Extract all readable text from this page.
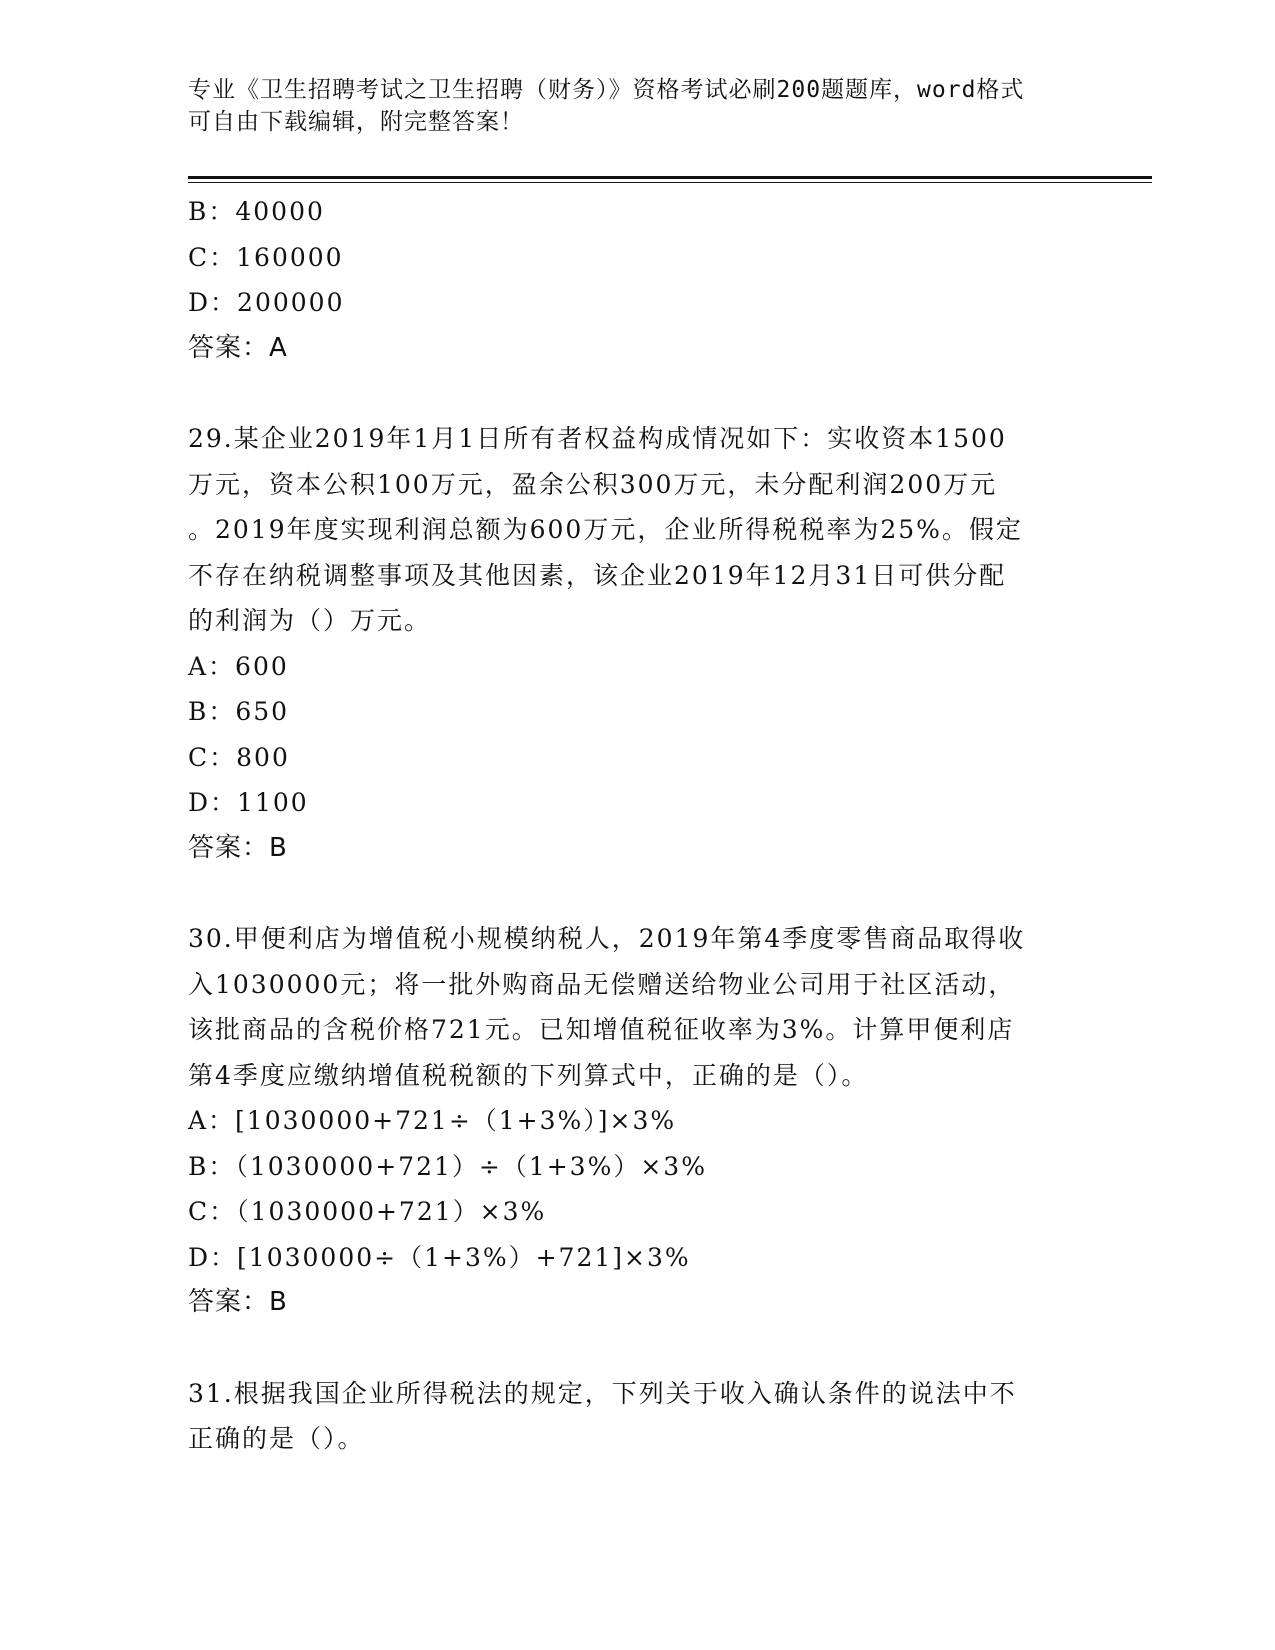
专业《卫生招聘考试之卫生招聘（财务）》资格考试必刷200题题库，word格式
可自由下载编辑，附完整答案！
B：40000
C：160000
D：200000
答案：A
29.某企业2019年1月1日所有者权益构成情况如下：实收资本1500
万元，资本公积100万元，盈余公积300万元，未分配利润200万元
。2019年度实现利润总额为600万元，企业所得税税率为25%。假定
不存在纳税调整事项及其他因素，该企业2019年12月31日可供分配
的利润为（）万元。
A：600
B：650
C：800
D：1100
答案：B
30.甲便利店为增值税小规模纳税人，2019年第4季度零售商品取得收
入1030000元；将一批外购商品无偿赠送给物业公司用于社区活动，
该批商品的含税价格721元。已知增值税征收率为3%。计算甲便利店
第4季度应缴纳增值税税额的下列算式中，正确的是（）。
A：[1030000+721÷（1+3%）]×3%
B：（1030000+721）÷（1+3%）×3%
C：（1030000+721）×3%
D：[1030000÷（1+3%）+721]×3%
答案：B
31.根据我国企业所得税法的规定，下列关于收入确认条件的说法中不
正确的是（）。
